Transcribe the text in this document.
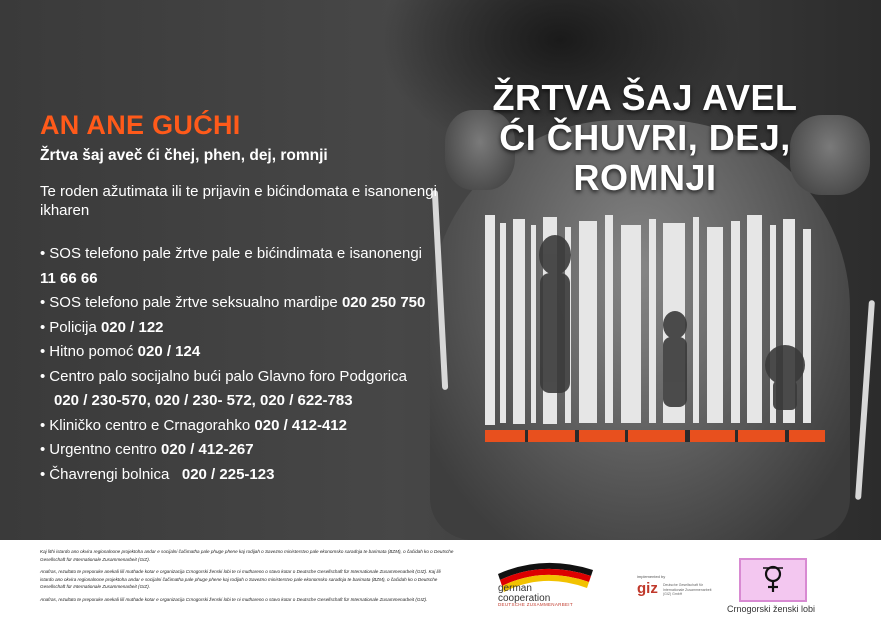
ŽRTVA ŠAJ AVEL
ĆI ČHUVRI, DEJ,
ROMNJI
AN ANE GUĆHI
Žrtva šaj aveč ći čhej, phen, dej, romnji
Te roden ažutimata ili te prijavin e bićindomata e isanonengi ikharen
• SOS telefono pale žrtve pale e bićindimata e isanonengi 11 66 66
• SOS telefono pale žrtve seksualno mardipe 020 250 750
• Policija 020 / 122
• Hitno pomoć 020 / 124
• Centro palo socijalno bući palo Glavno foro Podgorica
020 / 230-570, 020 / 230- 572, 020 / 622-783
• Kliničko centro e Crnagorahko 020 / 412-412
• Urgentno centro 020 / 412-267
• Čhavrengi bolnica 020 / 225-123

Kaj lithi istardo ano okvira regionalnone projektoha andar e socijalni čačimatha pale phuge phene kaj rodijah o Savezno ministerstvo pale ekonomsko saradnja te barimata (BZM), o čaćidah ko o Deutsche Gesellschaft für Internationale Zusammenarbeit (GIZ).

Anafras, rezultato te preporuke anekali lili muthade kotar e organizacija Crnogorski ženski lobi te ni muthareno o stavo kotar o Deutsche Gesellschaft für Internationale Zusammenarbeit (GIZ). Kaj lili istardo ano okvira regionalnone projektoha andar e socijalni čačimatha pale phuge phene kaj rodijah o Savezno ministerstvo pale ekonomsko saradnja te barimata (BZM), o čaćidah ko o Deutsche Gesellschaft für Internationale Zusammenarbeit (GIZ).

Anafras, rezultato te preporuke anekali lili muthade kotar e organizacija Crnogorski ženski lobi te ni muthareno o stavo kotar o Deutsche Gesellschaft für Internationale Zusammenarbeit (GIZ).

german
cooperation
DEUTSCHE ZUSAMMENARBEIT
implemented by
giz Deutsche Gesellschaft für Internationale Zusammenarbeit (GIZ) GmbH
Crnogorski ženski lobi
